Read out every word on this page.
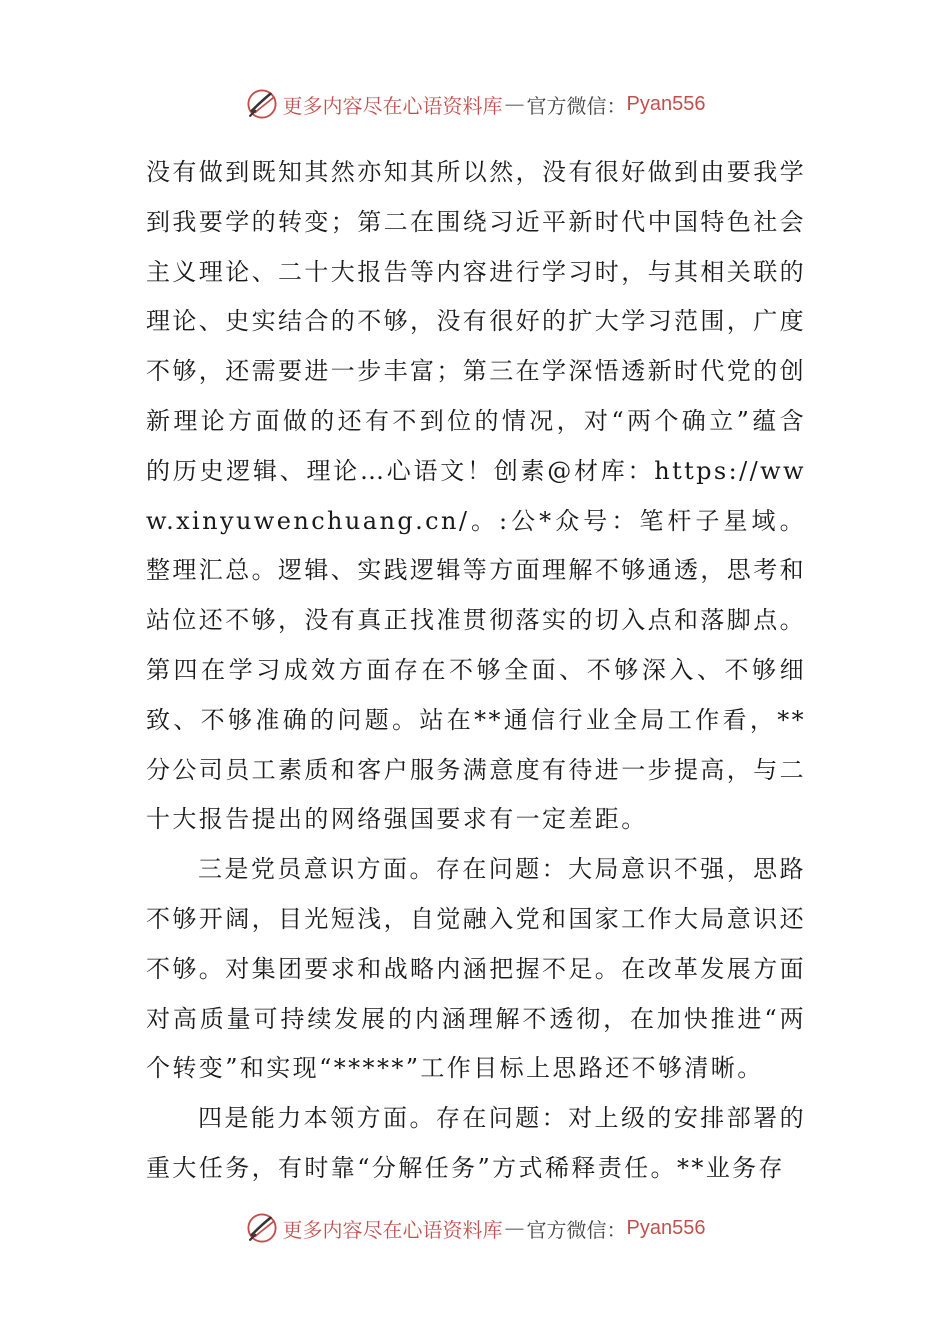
更多内容尽在心语资料库 — 官方微信： Pyan556

没有做到既知其然亦知其所以然，没有很好做到由要我学到我要学的转变；第二在围绕习近平新时代中国特色社会主义理论、二十大报告等内容进行学习时，与其相关联的理论、史实结合的不够，没有很好的扩大学习范围，广度不够，还需要进一步丰富；第三在学深悟透新时代党的创新理论方面做的还有不到位的情况，对“两个确立”蕴含的历史逻辑、理论…心语文！创素@材库：https://www.xinyuwenchuang.cn/。:公*众号：笔杆子星域。整理汇总。逻辑、实践逻辑等方面理解不够通透，思考和站位还不够，没有真正找准贯彻落实的切入点和落脚点。第四在学习成效方面存在不够全面、不够深入、不够细致、不够准确的问题。站在**通信行业全局工作看，**分公司员工素质和客户服务满意度有待进一步提高，与二十大报告提出的网络强国要求有一定差距。

三是党员意识方面。存在问题：大局意识不强，思路不够开阔，目光短浅，自觉融入党和国家工作大局意识还不够。对集团要求和战略内涵把握不足。在改革发展方面对高质量可持续发展的内涵理解不透彻，在加快推进“两个转变”和实现“*****”工作目标上思路还不够清晰。

四是能力本领方面。存在问题：对上级的安排部署的重大任务，有时靠“分解任务”方式稀释责任。**业务存

更多内容尽在心语资料库 — 官方微信： Pyan556
